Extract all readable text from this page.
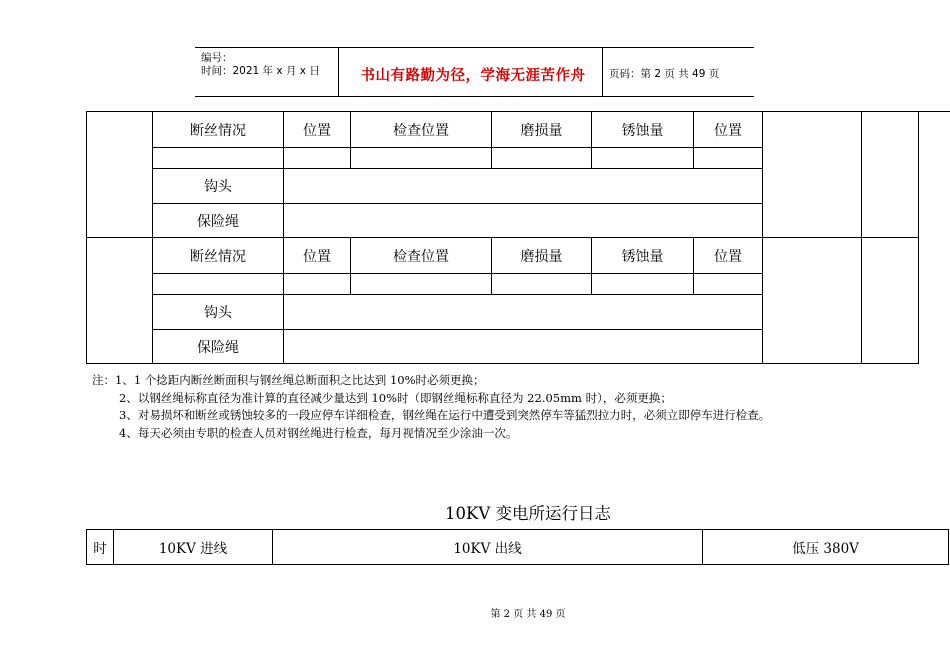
编号：
时间：2021 年 x 月 x 日	书山有路勤为径，学海无涯苦作舟	页码：第 2 页 共 49 页
	断丝情况	位置	检查位置	磨损量	锈蚀量	位置		

	钩头							
	保险绳							
	断丝情况	位置	检查位置	磨损量	锈蚀量	位置		

	钩头							
	保险绳							
注：1、1 个捻距内断丝断面积与钢丝绳总断面积之比达到 10%时必须更换；
2、以钢丝绳标称直径为准计算的直径减少量达到 10%时（即钢丝绳标称直径为 22.05mm 时），必须更换；
3、对易损坏和断丝或锈蚀较多的一段应停车详细检查，钢丝绳在运行中遭受到突然停车等猛烈拉力时，必须立即停车进行检查。
4、每天必须由专职的检查人员对钢丝绳进行检查，每月视情况至少涂油一次。
10KV 变电所运行日志
时	10KV 进线	10KV 出线	低压 380V
第 2 页 共 49 页
